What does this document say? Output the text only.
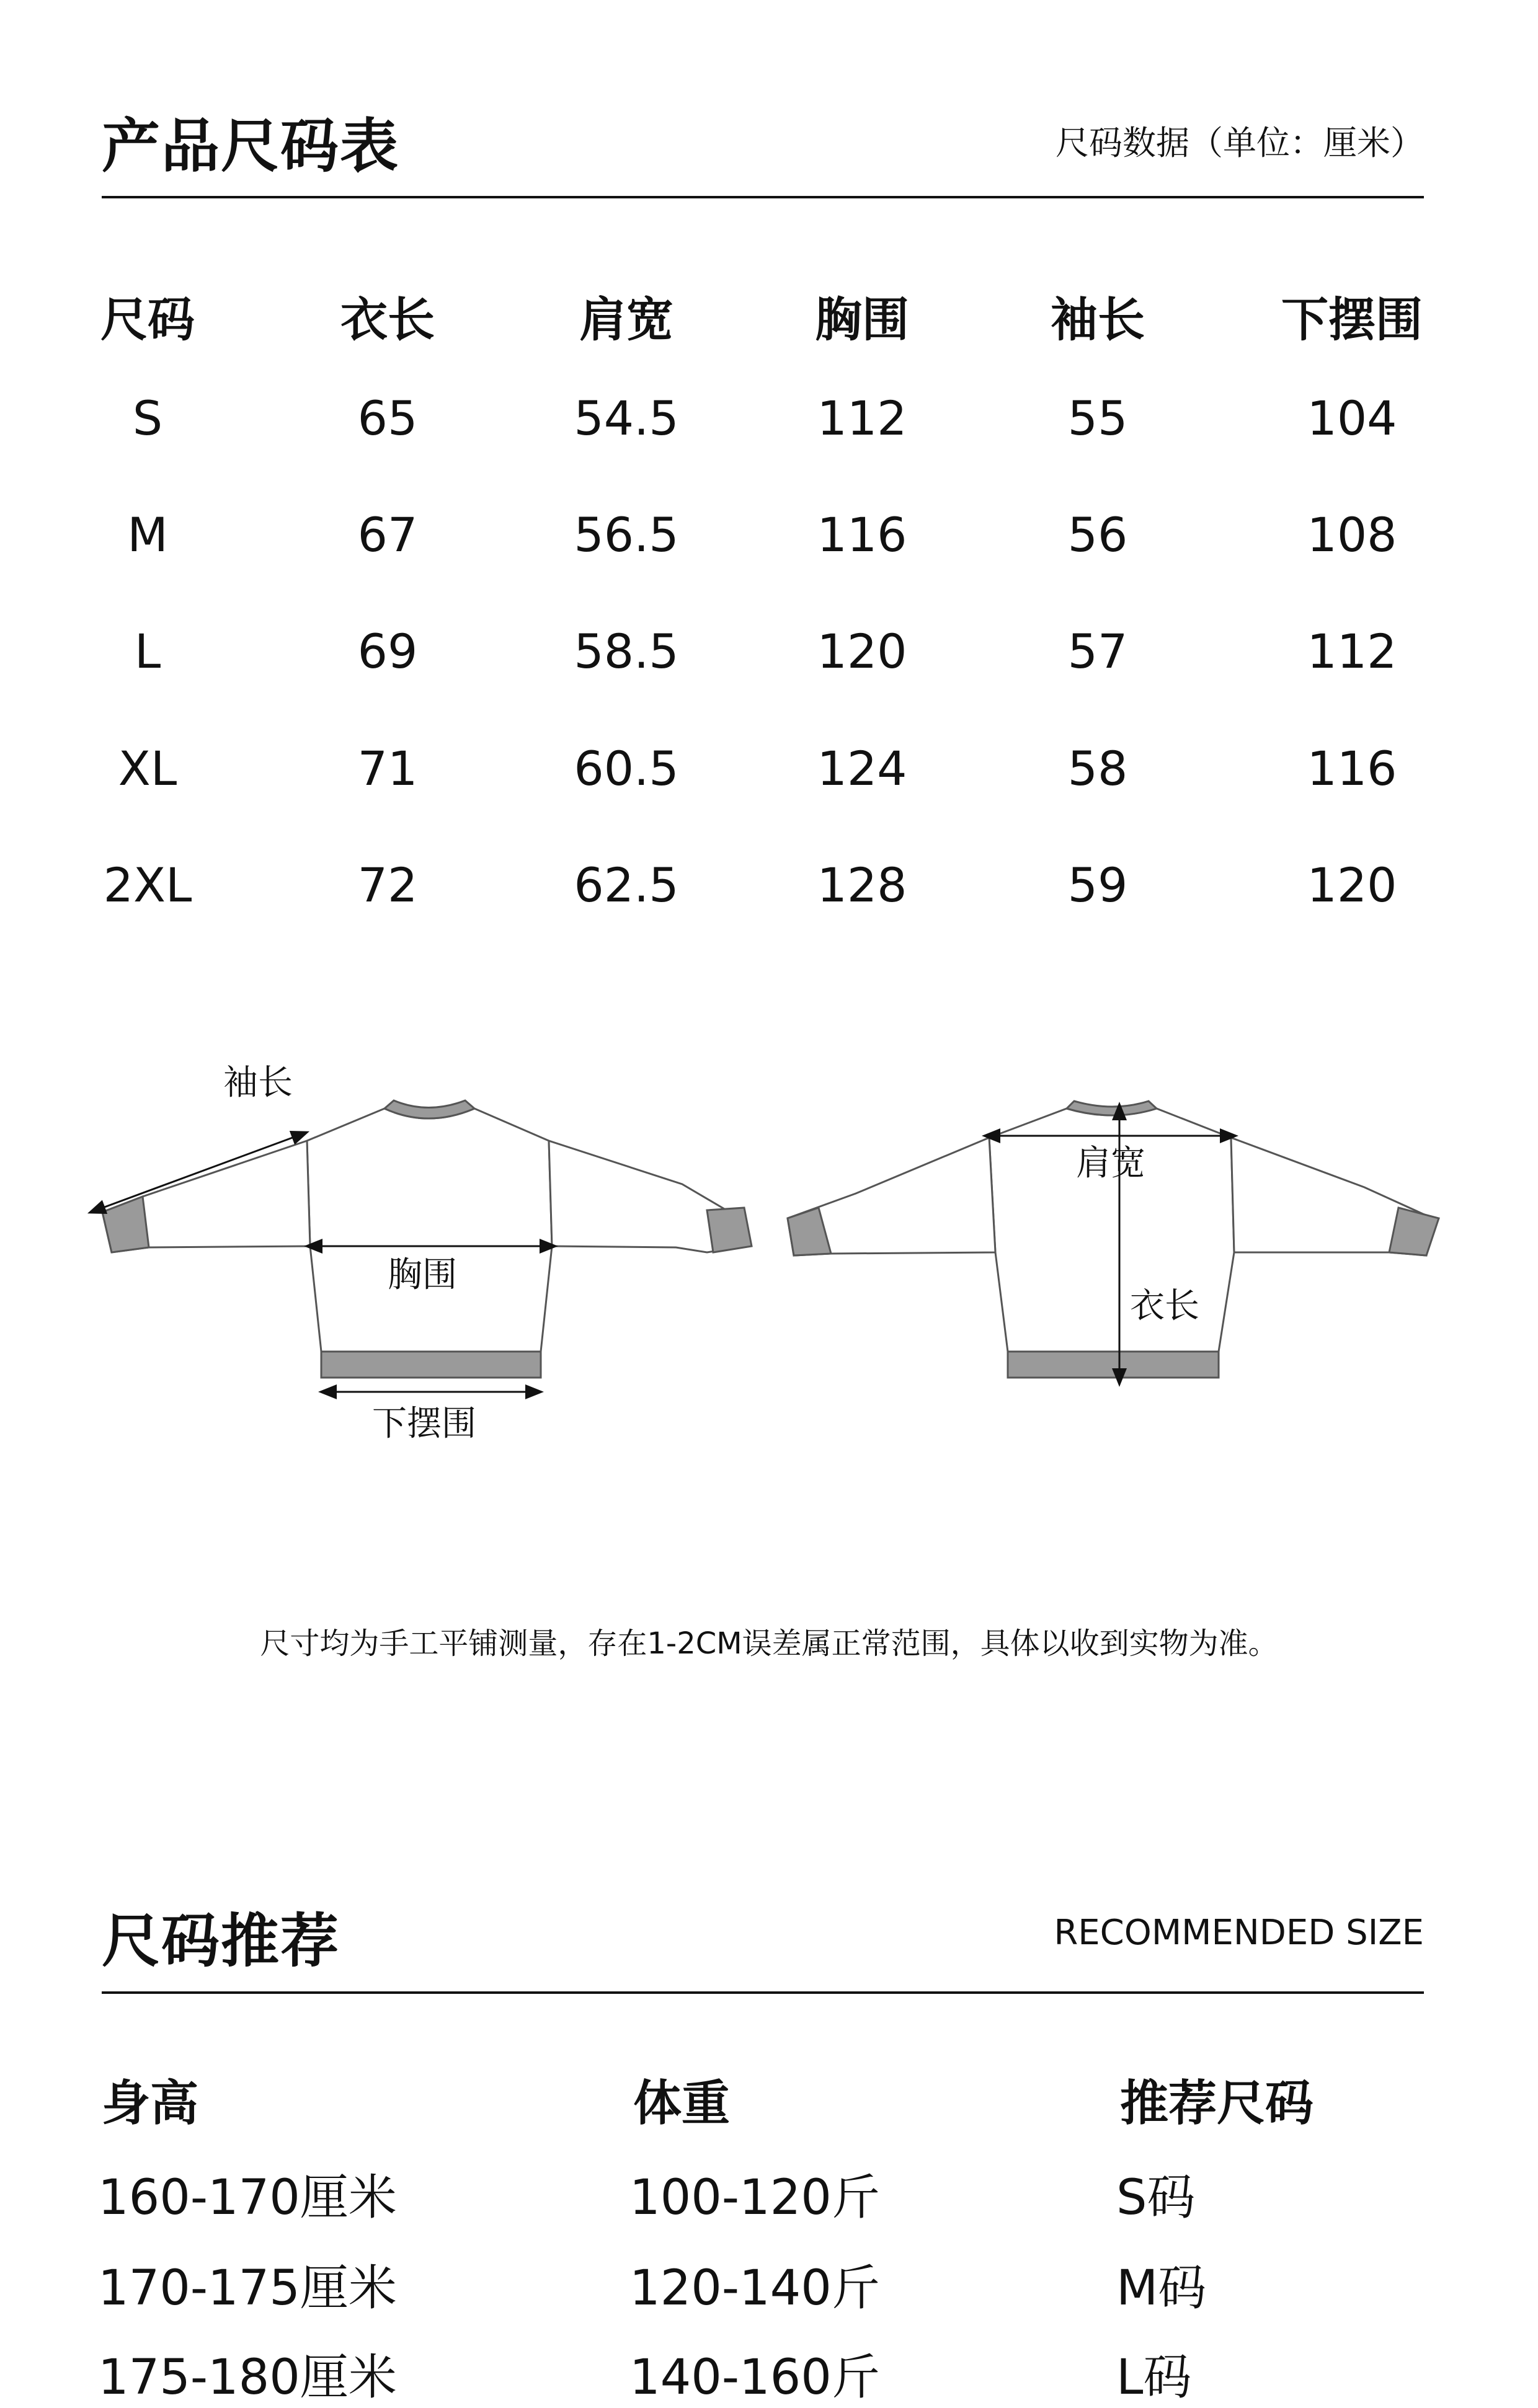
产品尺码表	尺码数据（单位：厘米）
尺码	衣长	肩宽	胸围	袖长	下摆围
S	65	54.5	112	55	104
M	67	56.5	116	56	108
L	69	58.5	120	57	112
XL	71	60.5	124	58	116
2XL	72	62.5	128	59	120
袖长
胸围
下摆围
肩宽
衣长
尺寸均为手工平铺测量，存在1-2CM误差属正常范围，具体以收到实物为准。
尺码推荐	RECOMMENDED SIZE
身高	体重	推荐尺码
160-170厘米	100-120斤	S码
170-175厘米	120-140斤	M码
175-180厘米	140-160斤	L码
